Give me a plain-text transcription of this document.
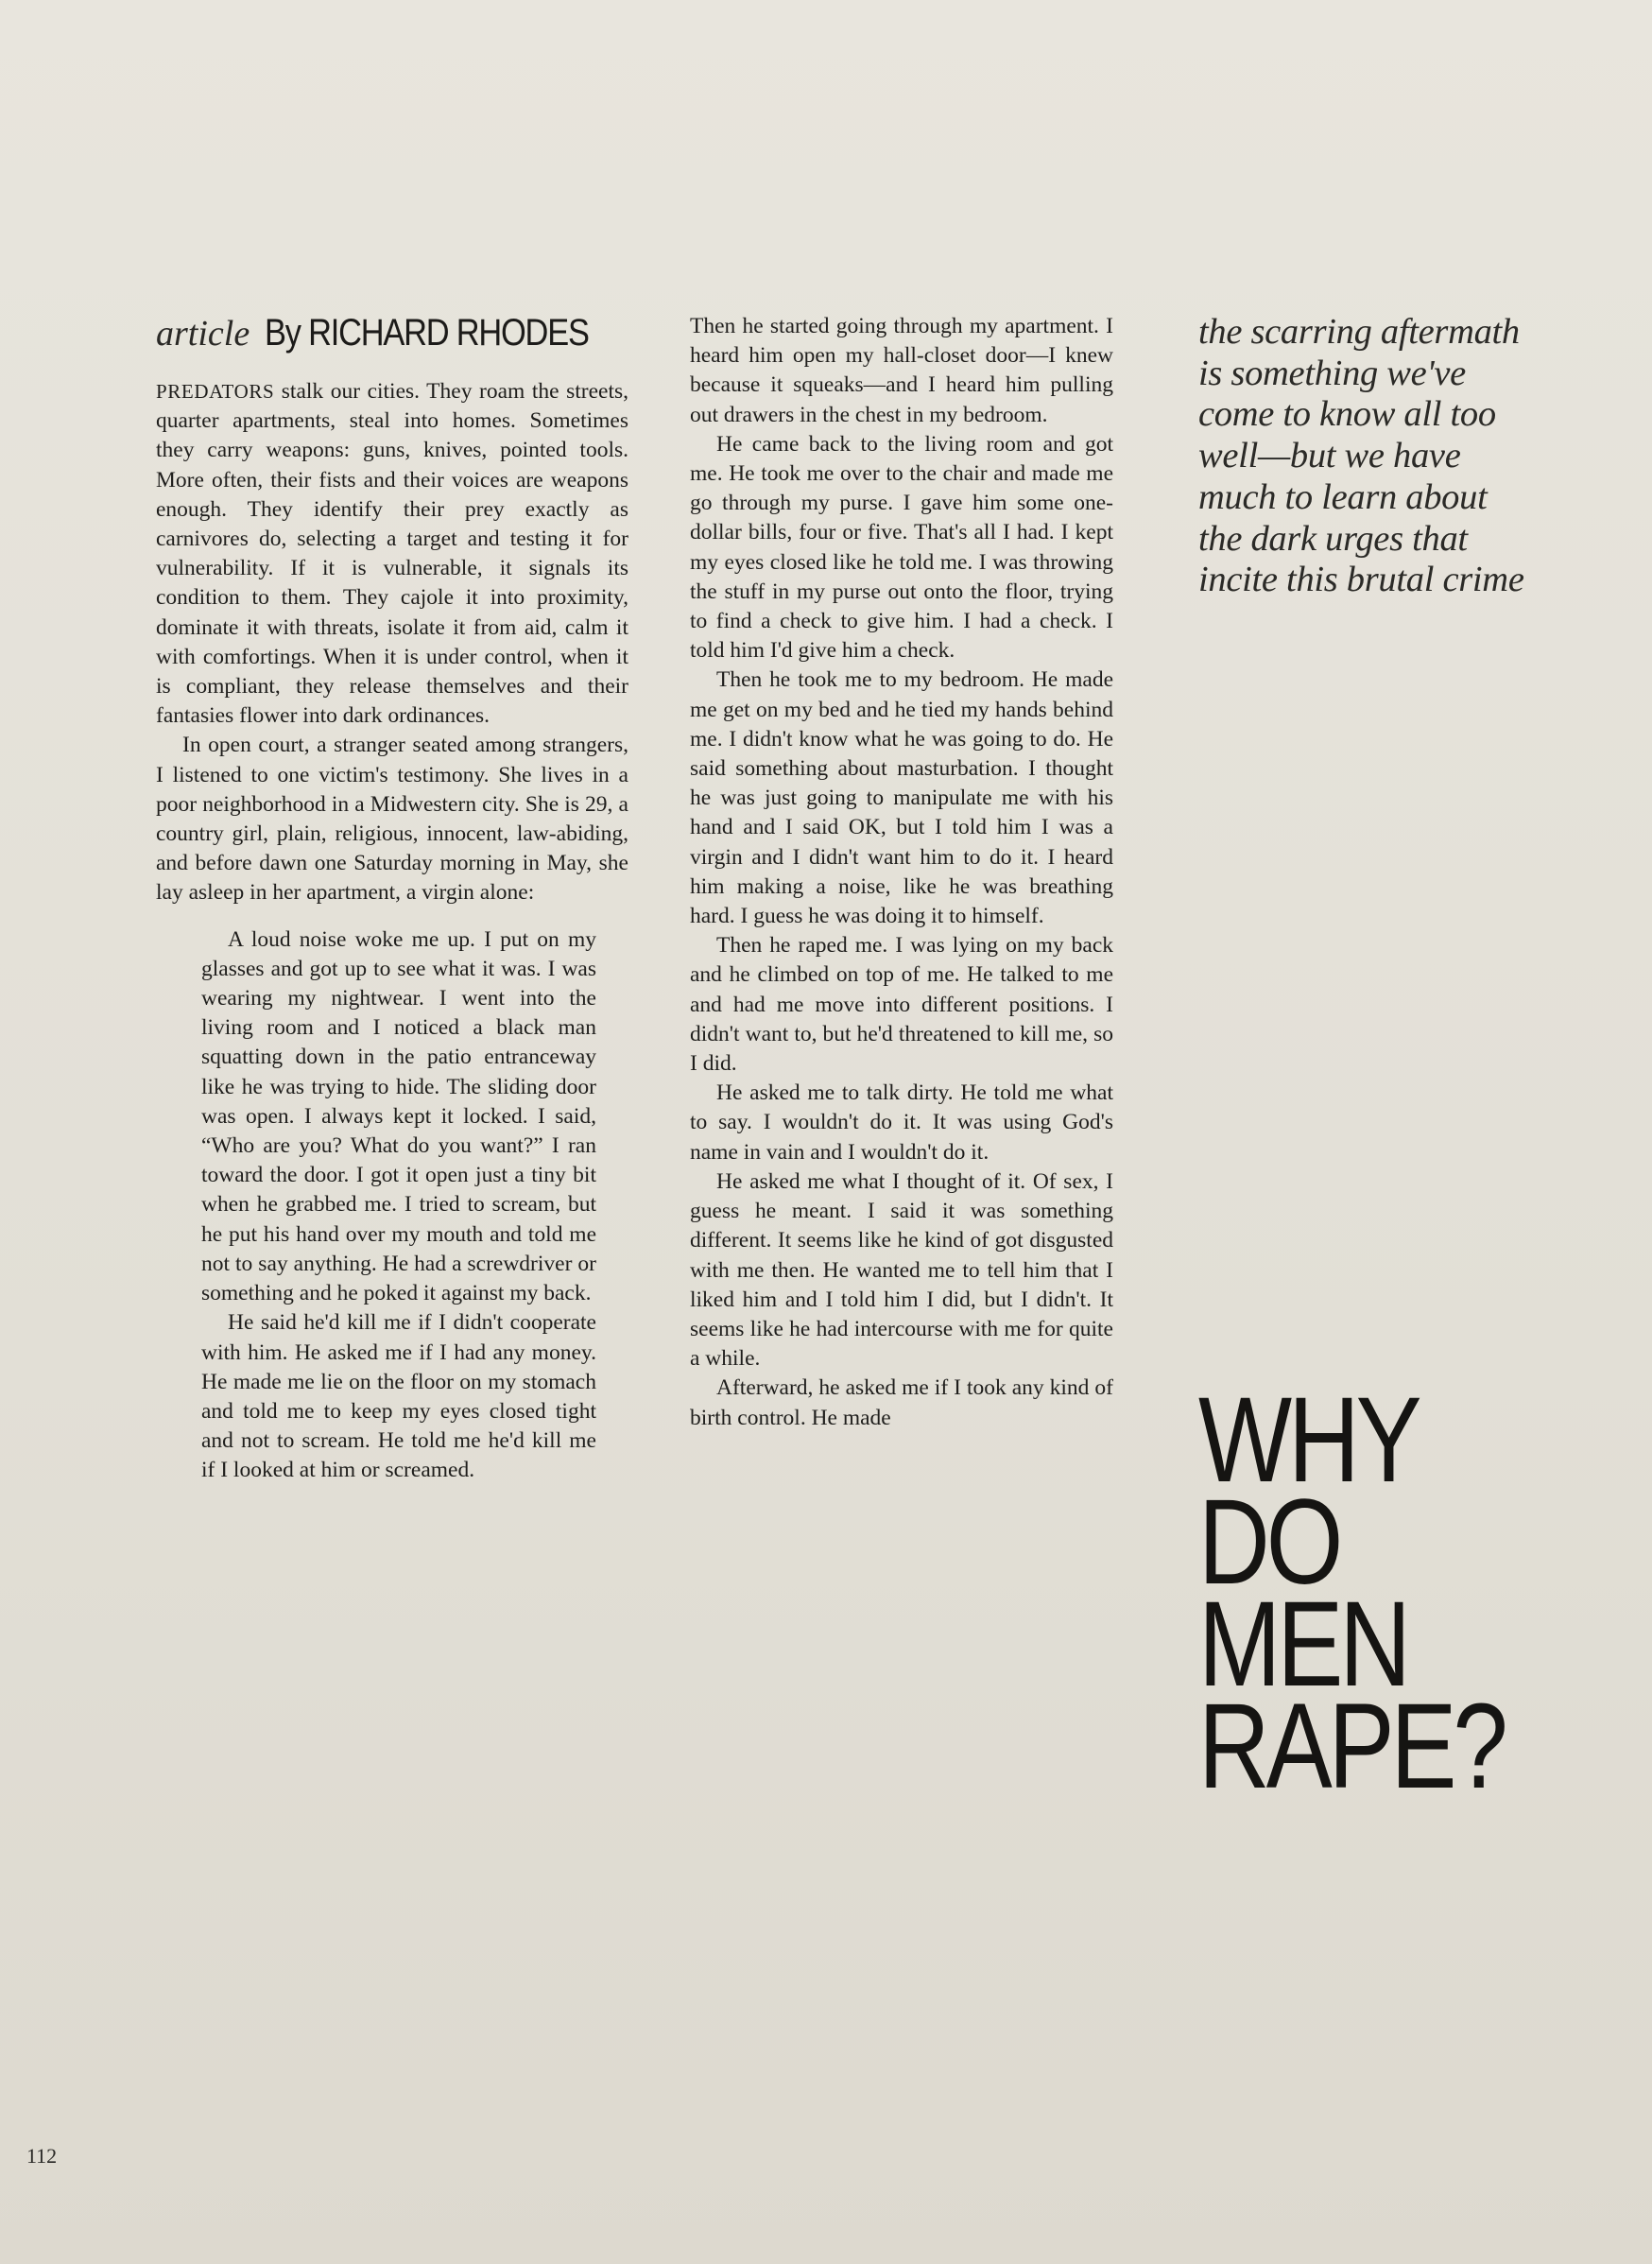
article By RICHARD RHODES

PREDATORS stalk our cities. They roam the streets, quarter apartments, steal into homes. Sometimes they carry weapons: guns, knives, pointed tools. More often, their fists and their voices are weapons enough. They identify their prey exactly as carnivores do, selecting a target and testing it for vulnerability. If it is vulnerable, it signals its condition to them. They cajole it into proximity, dominate it with threats, isolate it from aid, calm it with comfortings. When it is under control, when it is compliant, they release themselves and their fantasies flower into dark ordinances.

In open court, a stranger seated among strangers, I listened to one victim's testimony. She lives in a poor neighborhood in a Midwestern city. She is 29, a country girl, plain, religious, innocent, law-abiding, and before dawn one Saturday morning in May, she lay asleep in her apartment, a virgin alone:

A loud noise woke me up. I put on my glasses and got up to see what it was. I was wearing my nightwear. I went into the living room and I noticed a black man squatting down in the patio entranceway like he was trying to hide. The sliding door was open. I always kept it locked. I said, “Who are you? What do you want?” I ran toward the door. I got it open just a tiny bit when he grabbed me. I tried to scream, but he put his hand over my mouth and told me not to say anything. He had a screwdriver or something and he poked it against my back.

He said he'd kill me if I didn't cooperate with him. He asked me if I had any money. He made me lie on the floor on my stomach and told me to keep my eyes closed tight and not to scream. He told me he'd kill me if I looked at him or screamed.

Then he started going through my apartment. I heard him open my hall-closet door—I knew because it squeaks—and I heard him pulling out drawers in the chest in my bedroom.

He came back to the living room and got me. He took me over to the chair and made me go through my purse. I gave him some one-dollar bills, four or five. That's all I had. I kept my eyes closed like he told me. I was throwing the stuff in my purse out onto the floor, trying to find a check to give him. I had a check. I told him I'd give him a check.

Then he took me to my bedroom. He made me get on my bed and he tied my hands behind me. I didn't know what he was going to do. He said something about masturbation. I thought he was just going to manipulate me with his hand and I said OK, but I told him I was a virgin and I didn't want him to do it. I heard him making a noise, like he was breathing hard. I guess he was doing it to himself.

Then he raped me. I was lying on my back and he climbed on top of me. He talked to me and had me move into different positions. I didn't want to, but he'd threatened to kill me, so I did.

He asked me to talk dirty. He told me what to say. I wouldn't do it. It was using God's name in vain and I wouldn't do it.

He asked me what I thought of it. Of sex, I guess he meant. I said it was something different. It seems like he kind of got disgusted with me then. He wanted me to tell him that I liked him and I told him I did, but I didn't. It seems like he had intercourse with me for quite a while.

Afterward, he asked me if I took any kind of birth control. He made

the scarring aftermath

is something we've

come to know all too

well—but we have

much to learn about

the dark urges that

incite this brutal crime

WHY
DO
MEN
RAPE?
112
